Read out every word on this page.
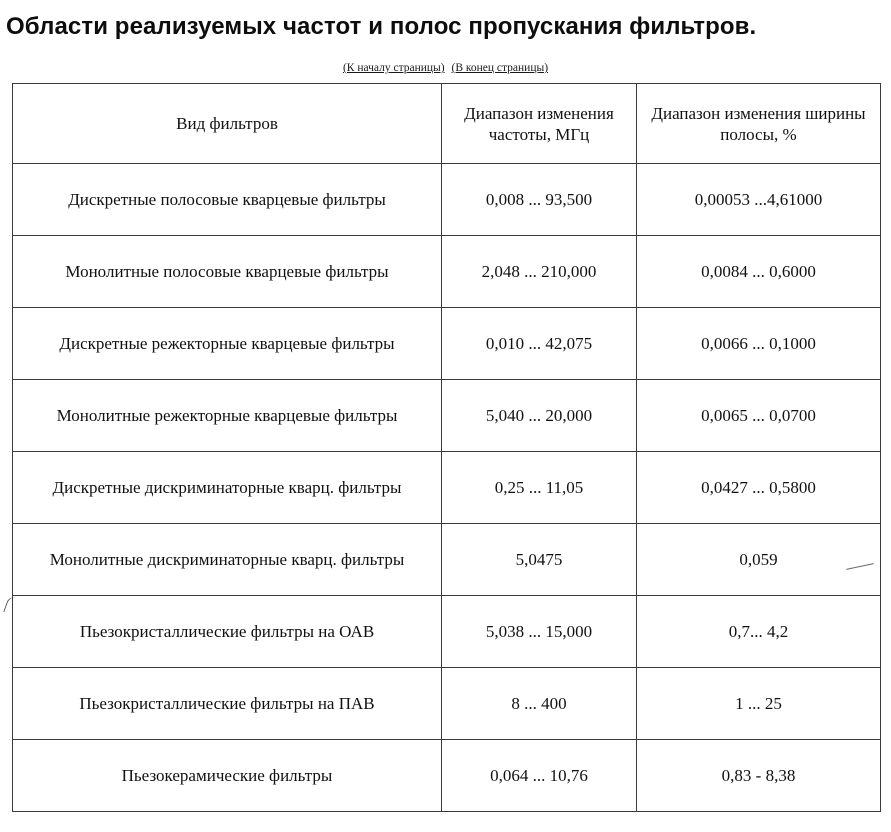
Области реализуемых частот и полос пропускания фильтров.
(К началу страницы) (В конец страницы)
Вид фильтров	Диапазон изменения частоты, МГц	Диапазон изменения ширины полосы, %
Дискретные полосовые кварцевые фильтры	0,008 ... 93,500	0,00053 ...4,61000
Монолитные полосовые кварцевые фильтры	2,048 ... 210,000	0,0084 ... 0,6000
Дискретные режекторные кварцевые фильтры	0,010 ... 42,075	0,0066 ... 0,1000
Монолитные режекторные кварцевые фильтры	5,040 ... 20,000	0,0065 ... 0,0700
Дискретные дискриминаторные кварц. фильтры	0,25 ... 11,05	0,0427 ... 0,5800
Монолитные дискриминаторные кварц. фильтры	5,0475	0,059
Пьезокристаллические фильтры на ОАВ	5,038 ... 15,000	0,7... 4,2
Пьезокристаллические фильтры на ПАВ	8 ... 400	1 ... 25
Пьезокерамические фильтры	0,064 ... 10,76	0,83 - 8,38
